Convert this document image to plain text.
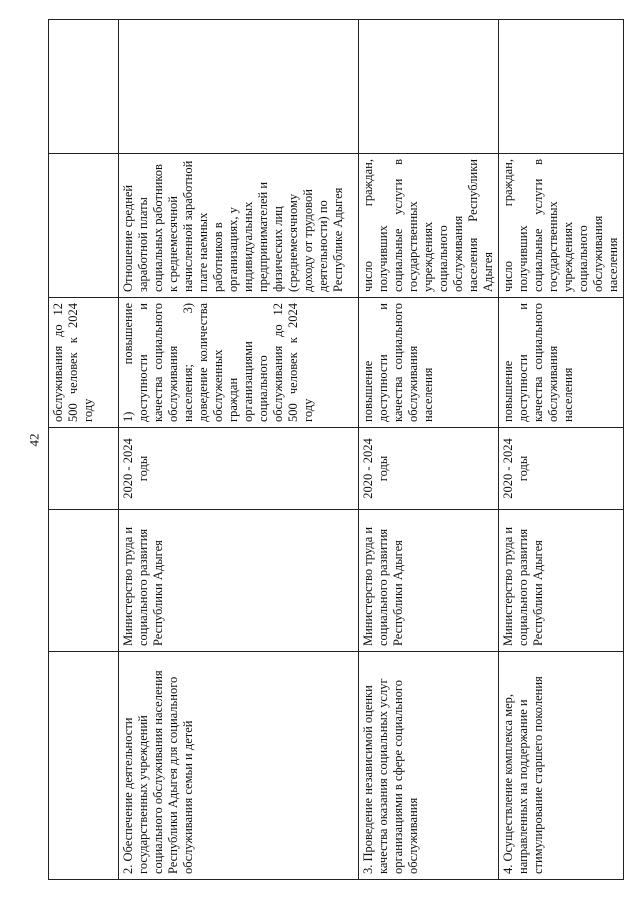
42
			обслуживания до 12 500 человек к 2024 году		
2. Обеспечение деятельности государственных учреждений социального обслуживания населения Республики Адыгея для социального обслуживания семьи и детей	Министерство труда и социального развития Республики Адыгея	2020 - 2024 годы	1) повышение доступности и качества социального обслуживания населения; 3) доведение количества обслуженных граждан организациями социального обслуживания до 12 500 человек к 2024 году	Отношение средней заработной платы социальных работников к среднемесячной начисленной заработной плате наемных работников в организациях, у индивидуальных предпринимателей и физических лиц (среднемесячному доходу от трудовой деятельности) по Республике Адыгея	
3. Проведение независимой оценки качества оказания социальных услуг организациями в сфере социального обслуживания	Министерство труда и социального развития Республики Адыгея	2020 - 2024 годы	повышение доступности и качества социального обслуживания населения	число граждан, получивших социальные услуги в государственных учреждениях социального обслуживания населения Республики Адыгея	
4. Осуществление комплекса мер, направленных на поддержание и стимулирование старшего поколения	Министерство труда и социального развития Республики Адыгея	2020 - 2024 годы	повышение доступности и качества социального обслуживания населения	число граждан, получивших социальные услуги в государственных учреждениях социального обслуживания населения	
